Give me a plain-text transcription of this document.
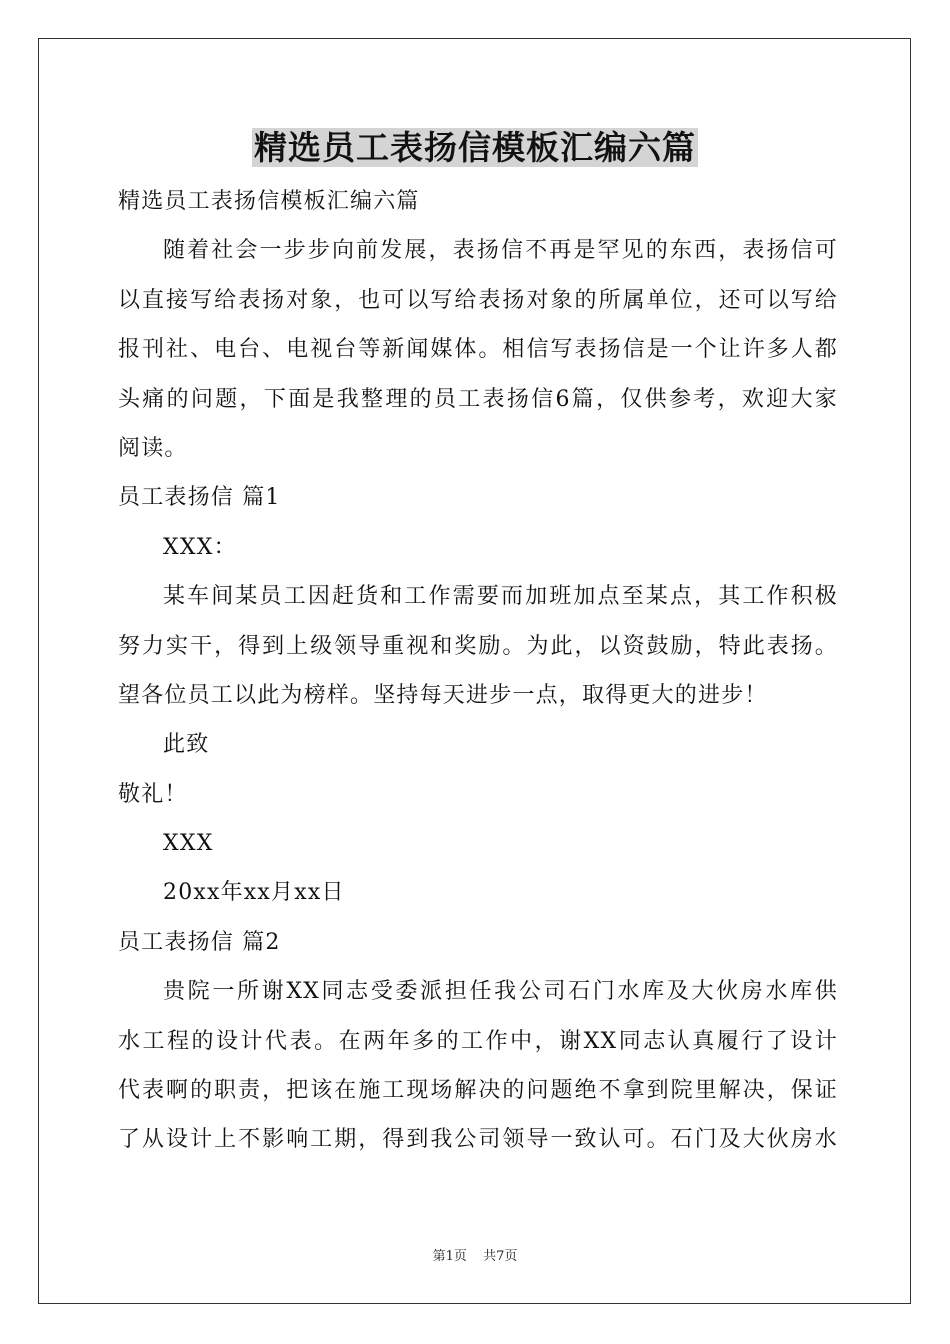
精选员工表扬信模板汇编六篇
精选员工表扬信模板汇编六篇
随着社会一步步向前发展，表扬信不再是罕见的东西，表扬信可
以直接写给表扬对象，也可以写给表扬对象的所属单位，还可以写给
报刊社、电台、电视台等新闻媒体。相信写表扬信是一个让许多人都
头痛的问题，下面是我整理的员工表扬信6篇，仅供参考，欢迎大家
阅读。
员工表扬信 篇1
XXX：
某车间某员工因赶货和工作需要而加班加点至某点，其工作积极
努力实干，得到上级领导重视和奖励。为此，以资鼓励，特此表扬。
望各位员工以此为榜样。坚持每天进步一点，取得更大的进步！
此致
敬礼！
XXX
20xx年xx月xx日
员工表扬信 篇2
贵院一所谢XX同志受委派担任我公司石门水库及大伙房水库供
水工程的设计代表。在两年多的工作中，谢XX同志认真履行了设计
代表啊的职责，把该在施工现场解决的问题绝不拿到院里解决，保证
了从设计上不影响工期，得到我公司领导一致认可。石门及大伙房水
第1页 共7页
